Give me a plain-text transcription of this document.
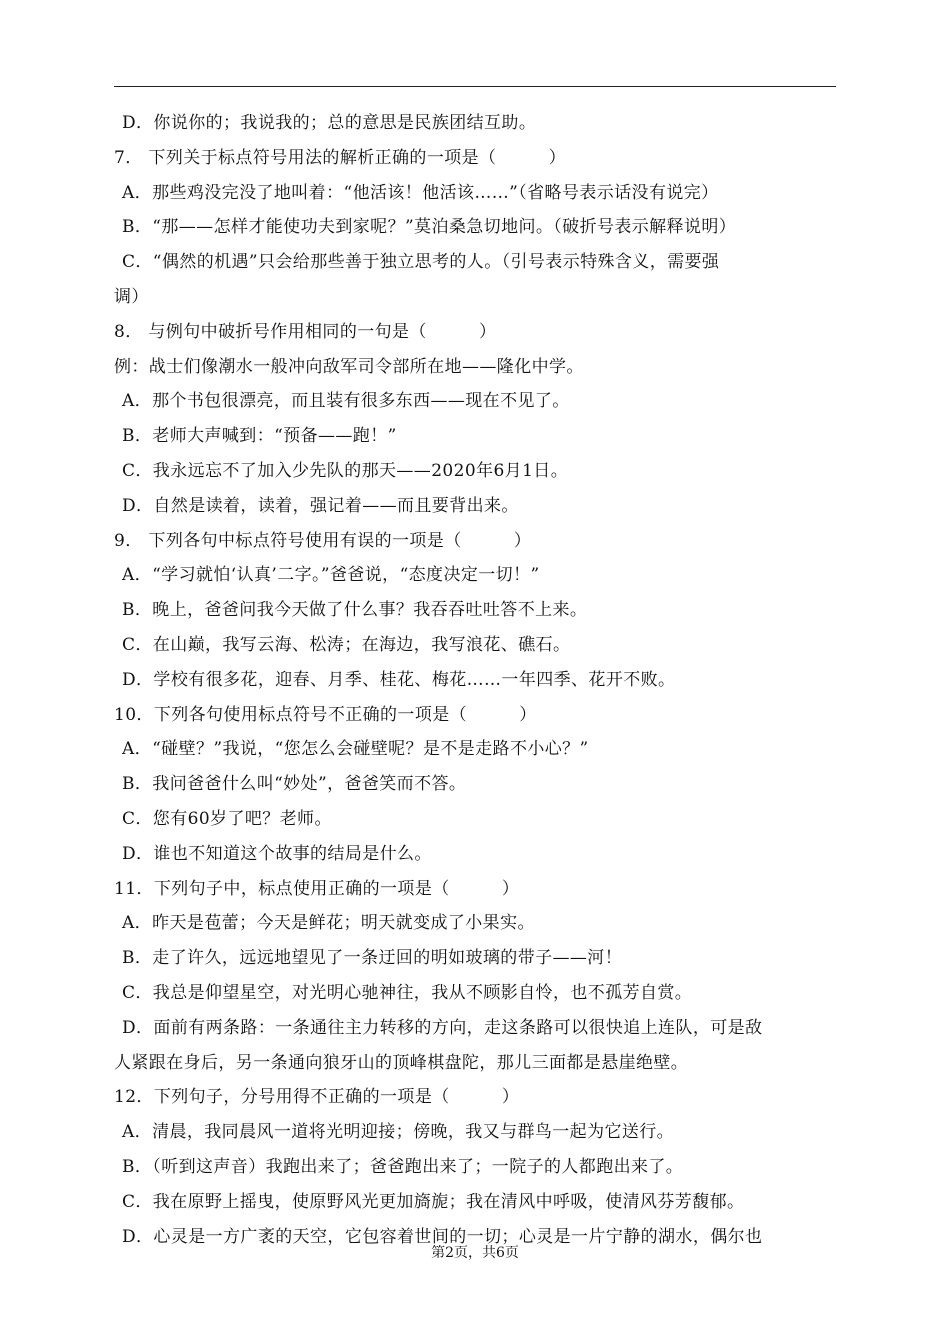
D．你说你的；我说我的；总的意思是民族团结互助。
7． 下列关于标点符号用法的解析正确的一项是（　　　）
A．那些鸡没完没了地叫着：“他活该！他活该……”（省略号表示话没有说完）
B．“那——怎样才能使功夫到家呢？”莫泊桑急切地问。（破折号表示解释说明）
C．“偶然的机遇”只会给那些善于独立思考的人。（引号表示特殊含义，需要强
调）
8． 与例句中破折号作用相同的一句是（　　　）
例：战士们像潮水一般冲向敌军司令部所在地——隆化中学。
A．那个书包很漂亮，而且装有很多东西——现在不见了。
B．老师大声喊到：“预备——跑！”
C．我永远忘不了加入少先队的那天——2020年6月1日。
D．自然是读着，读着，强记着——而且要背出来。
9． 下列各句中标点符号使用有误的一项是（　　　）
A．“学习就怕‘认真’二字。”爸爸说，“态度决定一切！”
B．晚上，爸爸问我今天做了什么事？我吞吞吐吐答不上来。
C．在山巅，我写云海、松涛；在海边，我写浪花、礁石。
D．学校有很多花，迎春、月季、桂花、梅花……一年四季、花开不败。
10．下列各句使用标点符号不正确的一项是（　　　）
A．“碰壁？”我说，“您怎么会碰壁呢？是不是走路不小心？”
B．我问爸爸什么叫“妙处”，爸爸笑而不答。
C．您有60岁了吧？老师。
D．谁也不知道这个故事的结局是什么。
11．下列句子中，标点使用正确的一项是（　　　）
A．昨天是苞蕾；今天是鲜花；明天就变成了小果实。
B．走了许久，远远地望见了一条迂回的明如玻璃的带子——河！
C．我总是仰望星空，对光明心驰神往，我从不顾影自怜，也不孤芳自赏。
D．面前有两条路：一条通往主力转移的方向，走这条路可以很快追上连队，可是敌
人紧跟在身后，另一条通向狼牙山的顶峰棋盘陀，那儿三面都是悬崖绝壁。
12．下列句子，分号用得不正确的一项是（　　　）
A．清晨，我同晨风一道将光明迎接；傍晚，我又与群鸟一起为它送行。
B．（听到这声音）我跑出来了；爸爸跑出来了；一院子的人都跑出来了。
C．我在原野上摇曳，使原野风光更加旖旎；我在清风中呼吸，使清风芬芳馥郁。
D．心灵是一方广袤的天空，它包容着世间的一切；心灵是一片宁静的湖水，偶尔也
第2页，共6页
